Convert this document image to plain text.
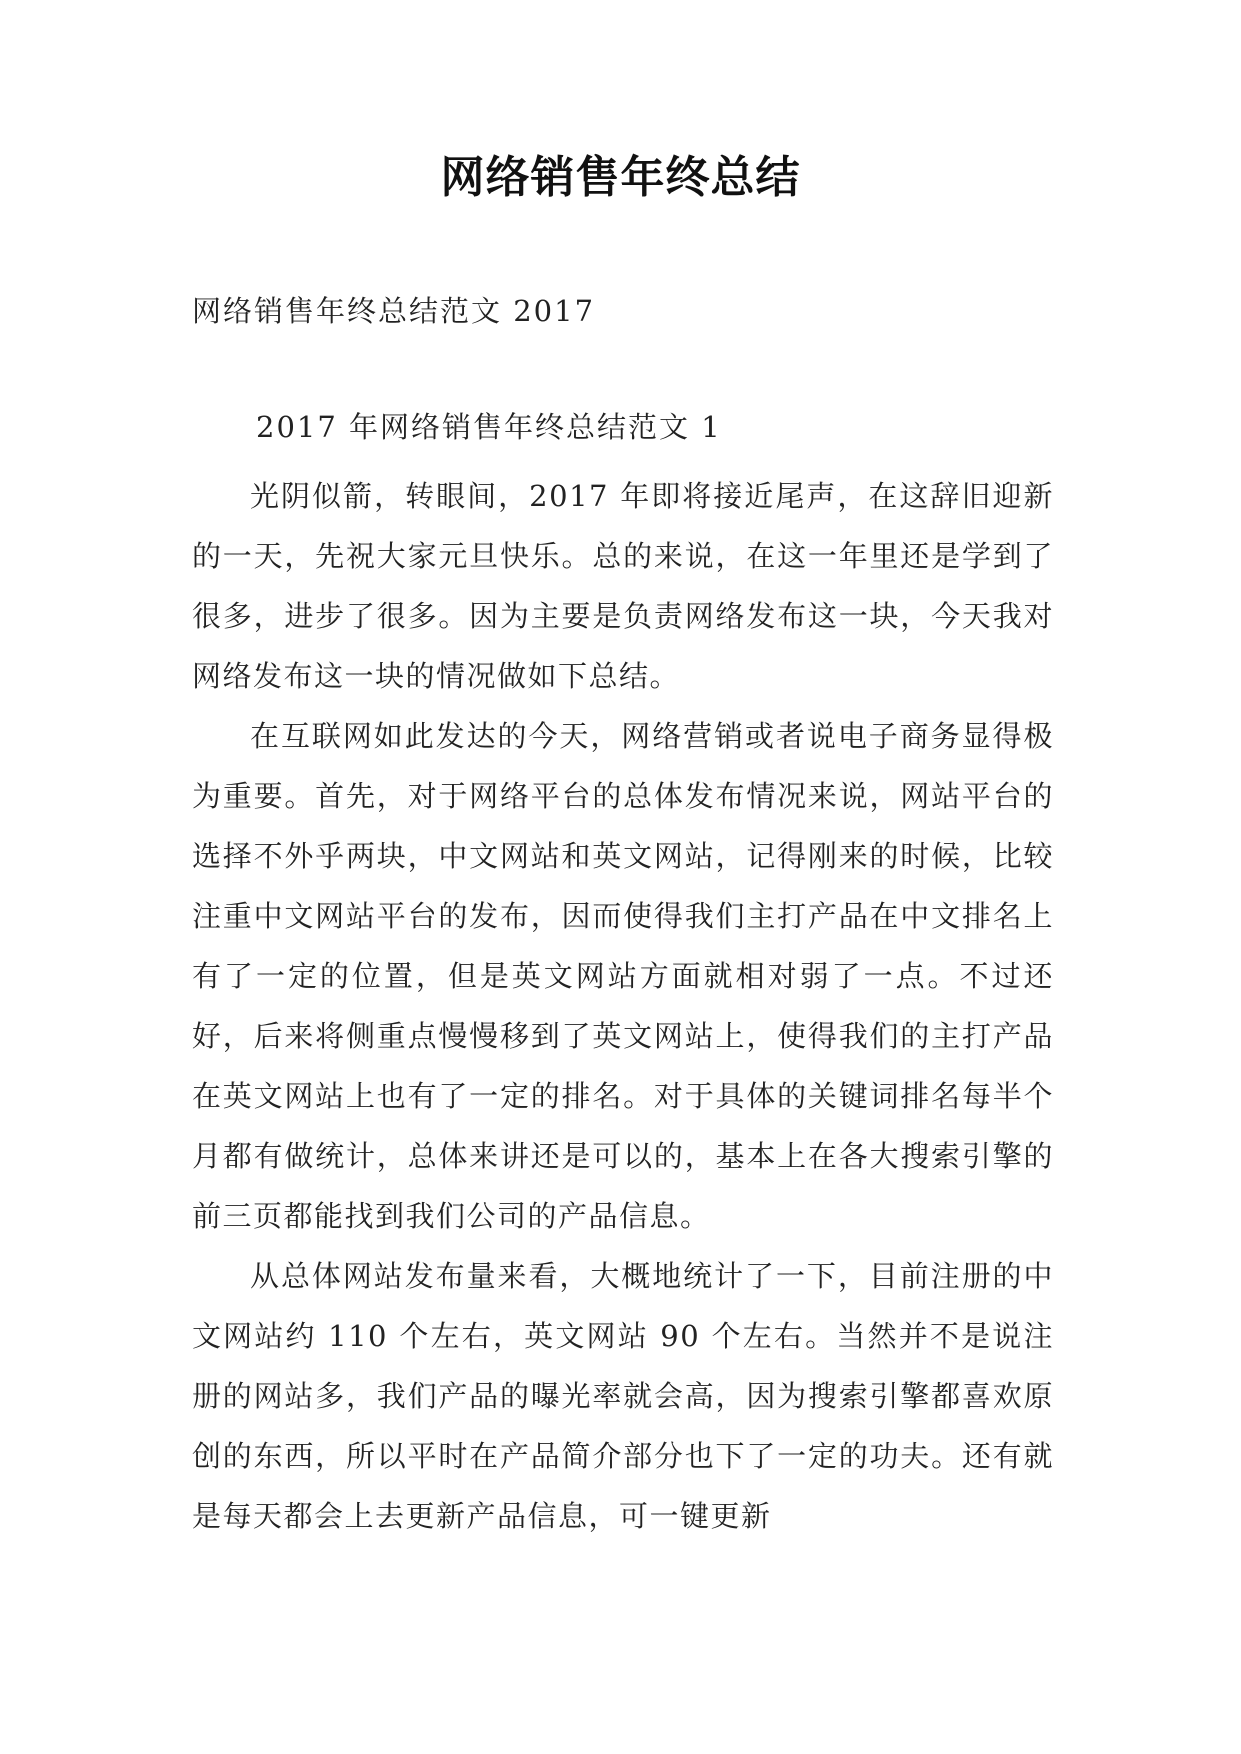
网络销售年终总结
网络销售年终总结范文 2017
2017 年网络销售年终总结范文 1

光阴似箭，转眼间，2017 年即将接近尾声，在这辞旧迎新的一天，先祝大家元旦快乐。总的来说，在这一年里还是学到了很多，进步了很多。因为主要是负责网络发布这一块，今天我对网络发布这一块的情况做如下总结。

在互联网如此发达的今天，网络营销或者说电子商务显得极为重要。首先，对于网络平台的总体发布情况来说，网站平台的选择不外乎两块，中文网站和英文网站，记得刚来的时候，比较注重中文网站平台的发布，因而使得我们主打产品在中文排名上有了一定的位置，但是英文网站方面就相对弱了一点。不过还好，后来将侧重点慢慢移到了英文网站上，使得我们的主打产品在英文网站上也有了一定的排名。对于具体的关键词排名每半个月都有做统计，总体来讲还是可以的，基本上在各大搜索引擎的前三页都能找到我们公司的产品信息。

从总体网站发布量来看，大概地统计了一下，目前注册的中文网站约 110 个左右，英文网站 90 个左右。当然并不是说注册的网站多，我们产品的曝光率就会高，因为搜索引擎都喜欢原创的东西，所以平时在产品简介部分也下了一定的功夫。还有就是每天都会上去更新产品信息，可一键更新
